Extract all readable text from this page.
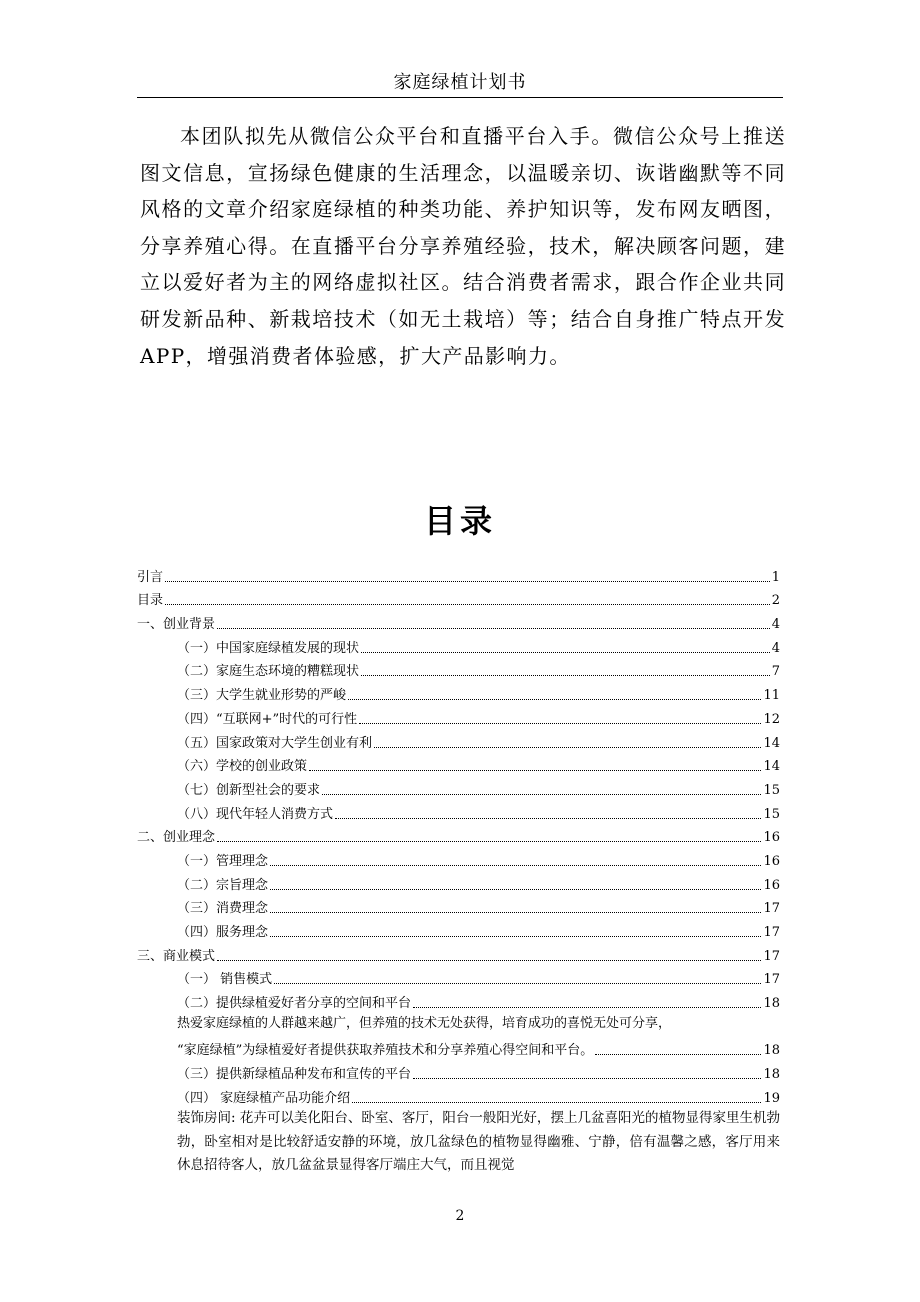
家庭绿植计划书

本团队拟先从微信公众平台和直播平台入手。微信公众号上推送图文信息，宣扬绿色健康的生活理念，以温暖亲切、诙谐幽默等不同风格的文章介绍家庭绿植的种类功能、养护知识等，发布网友晒图，分享养殖心得。在直播平台分享养殖经验，技术，解决顾客问题，建立以爱好者为主的网络虚拟社区。结合消费者需求，跟合作企业共同研发新品种、新栽培技术（如无土栽培）等；结合自身推广特点开发APP，增强消费者体验感，扩大产品影响力。

目录
引言	1
目录	2
一、创业背景	4
（一）中国家庭绿植发展的现状	4
（二）家庭生态环境的糟糕现状	7
（三）大学生就业形势的严峻	11
（四）“互联网+”时代的可行性	12
（五）国家政策对大学生创业有利	14
（六）学校的创业政策	14
（七）创新型社会的要求	15
（八）现代年轻人消费方式	15
二、创业理念	16
（一）管理理念	16
（二）宗旨理念	16
（三）消费理念	17
（四）服务理念	17
三、商业模式	17
（一） 销售模式	17
（二）提供绿植爱好者分享的空间和平台	18
热爱家庭绿植的人群越来越广，但养殖的技术无处获得，培育成功的喜悦无处可分享，
“家庭绿植”为绿植爱好者提供获取养殖技术和分享养殖心得空间和平台。	18
（三）提供新绿植品种发布和宣传的平台	18
（四） 家庭绿植产品功能介绍	19
装饰房间: 花卉可以美化阳台、卧室、客厅，阳台一般阳光好，摆上几盆喜阳光的植物显得家里生机勃勃，卧室相对是比较舒适安静的环境，放几盆绿色的植物显得幽雅、宁静，倍有温馨之感，客厅用来休息招待客人，放几盆盆景显得客厅端庄大气，而且视觉
2
